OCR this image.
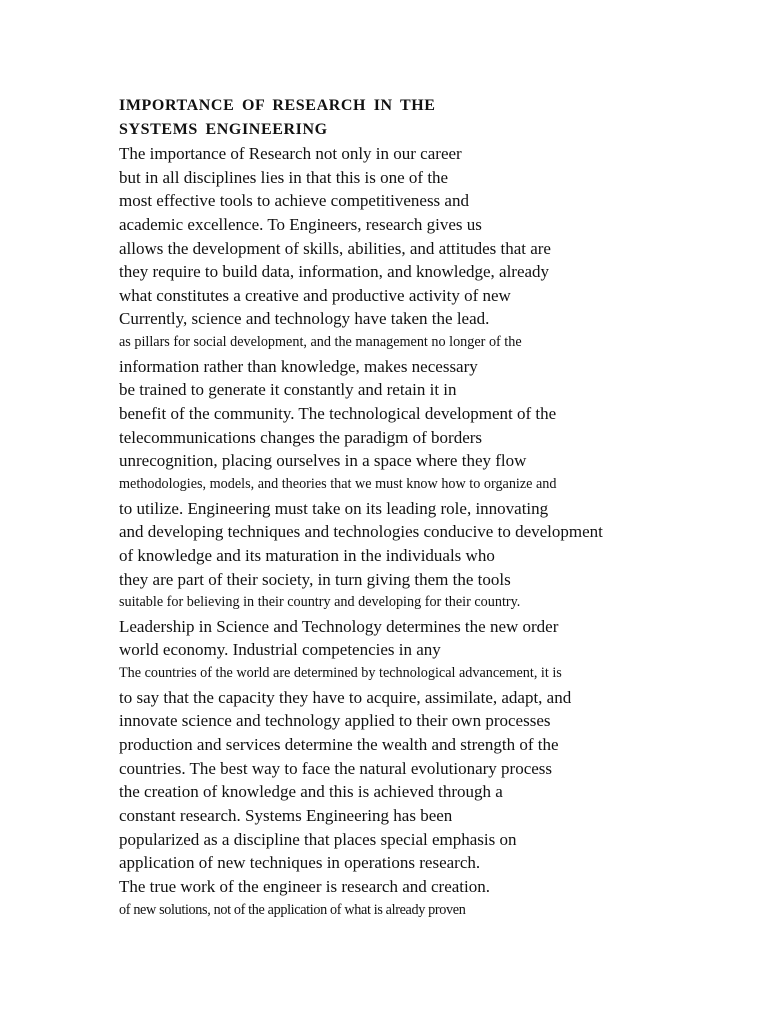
IMPORTANCE OF RESEARCH IN THE
SYSTEMS ENGINEERING
The importance of Research not only in our career
but in all disciplines lies in that this is one of the
most effective tools to achieve competitiveness and
academic excellence. To Engineers, research gives us
allows the development of skills, abilities, and attitudes that are
they require to build data, information, and knowledge, already
what constitutes a creative and productive activity of new
Currently, science and technology have taken the lead.
as pillars for social development, and the management no longer of the
information rather than knowledge, makes necessary
be trained to generate it constantly and retain it in
benefit of the community. The technological development of the
telecommunications changes the paradigm of borders
unrecognition, placing ourselves in a space where they flow
methodologies, models, and theories that we must know how to organize and
to utilize. Engineering must take on its leading role, innovating
and developing techniques and technologies conducive to development
of knowledge and its maturation in the individuals who
they are part of their society, in turn giving them the tools
suitable for believing in their country and developing for their country.
Leadership in Science and Technology determines the new order
world economy. Industrial competencies in any
The countries of the world are determined by technological advancement, it is
to say that the capacity they have to acquire, assimilate, adapt, and
innovate science and technology applied to their own processes
production and services determine the wealth and strength of the
countries. The best way to face the natural evolutionary process
the creation of knowledge and this is achieved through a
constant research. Systems Engineering has been
popularized as a discipline that places special emphasis on
application of new techniques in operations research.
The true work of the engineer is research and creation.
of new solutions, not of the application of what is already proven
